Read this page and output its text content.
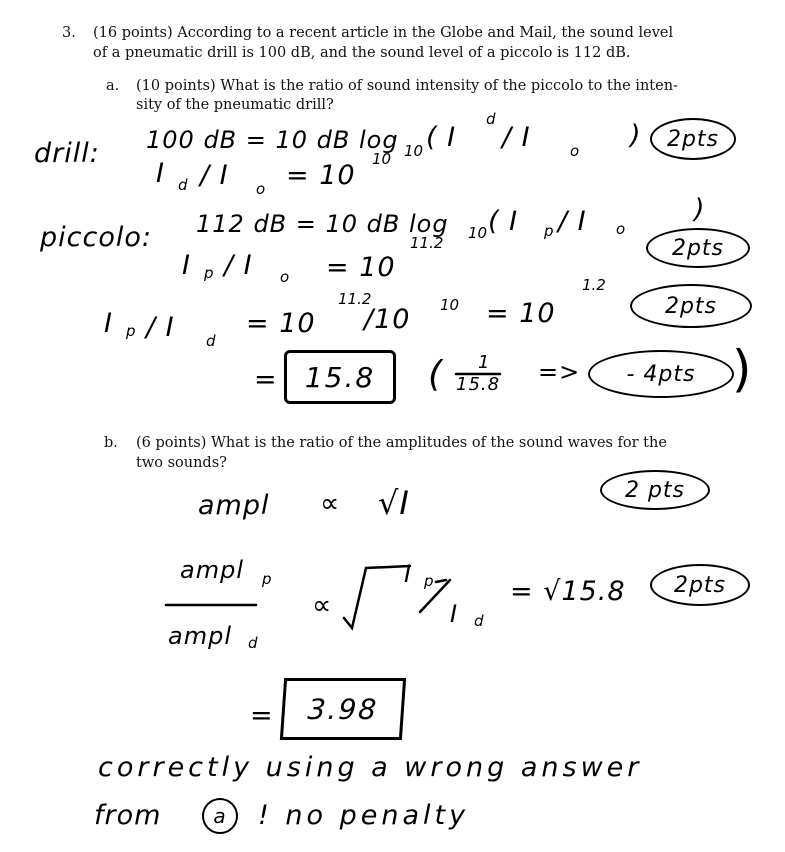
3. (16 points) According to a recent article in the Globe and Mail, the sound level
of a pneumatic drill is 100 dB, and the sound level of a piccolo is 112 dB.
a. (10 points) What is the ratio of sound intensity of the piccolo to the inten-
sity of the pneumatic drill?
b. (6 points) What is the ratio of the amplitudes of the sound waves for the
two sounds?
drill: 100 dB = 10 dB log 10 ( I
d
/ I	o ) 2pts
I d / I o = 10
10
piccolo: 112 dB = 10 dB log 10 ( I p / I o
)
2pts
I p / I o = 10
11.2
I p / I d
= 10
11.2
/10 10 = 10
1.2
2pts
= 15.8 ( 1
15.8 => - 4pts )
ampl ∝ √I	2 pts
ampl p
ampl d
∝
I p
I d
= √15.8 2pts
= 3.98
correctly using a wrong answer
from	a ! no penalty
